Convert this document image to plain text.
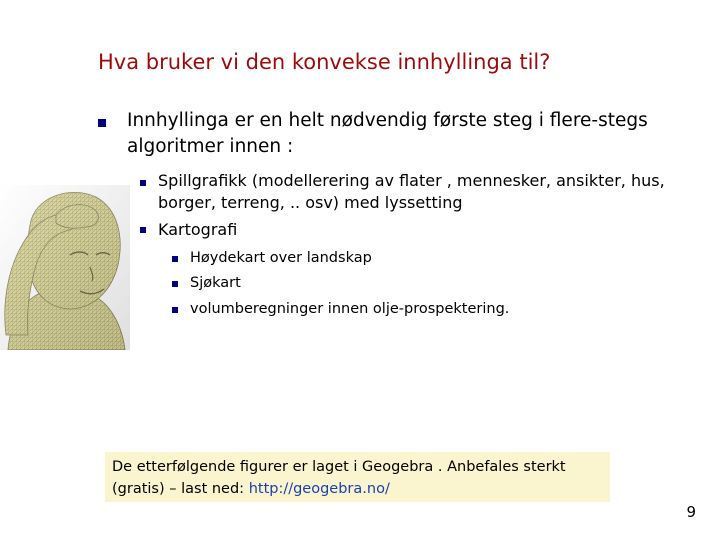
Hva bruker vi den konvekse innhyllinga til?
Innhyllinga er en helt nødvendig første steg i flere-stegs algoritmer innen :
Spillgrafikk (modellerering av flater , mennesker, ansikter, hus, borger, terreng, .. osv) med lyssetting
Kartografi
Høydekart over landskap
Sjøkart
volumberegninger innen olje-prospektering.
De etterfølgende figurer er laget i Geogebra . Anbefales sterkt (gratis) – last ned: http://geogebra.no/
9
